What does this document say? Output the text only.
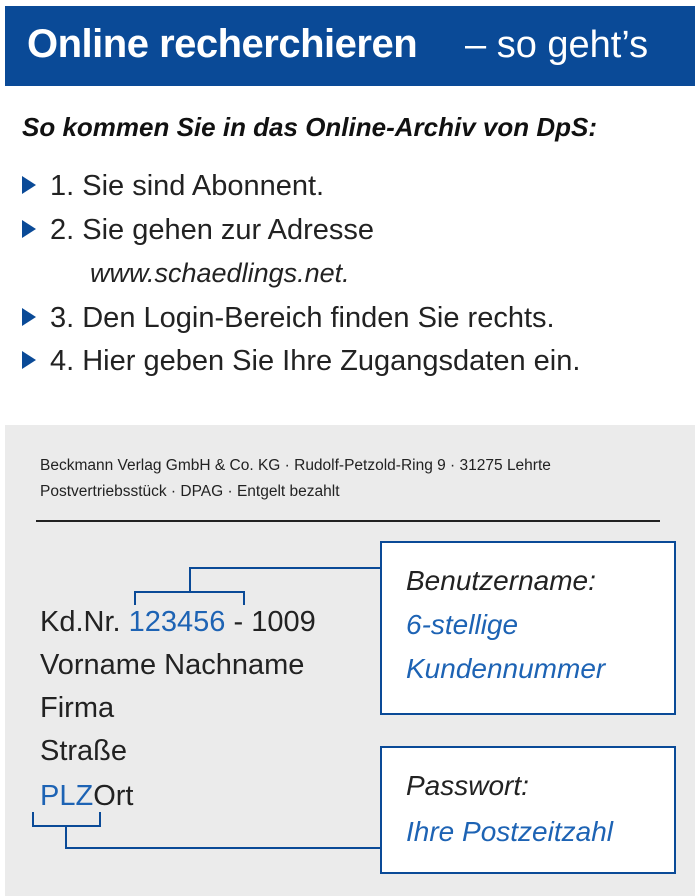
Online recherchieren – so geht’s
So kommen Sie in das Online-Archiv von DpS:
1. Sie sind Abonnent.
2. Sie gehen zur Adresse
www.schaedlings.net.
3. Den Login-Bereich finden Sie rechts.
4. Hier geben Sie Ihre Zugangsdaten ein.
Beckmann Verlag GmbH & Co. KG · Rudolf-Petzold-Ring 9 · 31275 Lehrte
Postvertriebsstück · DPAG · Entgelt bezahlt
Kd.Nr. 123456 - 1009
Vorname Nachname
Firma
Straße
PLZOrt
Benutzername:
6-stellige
Kundennummer
Passwort:
Ihre Postzeitzahl
